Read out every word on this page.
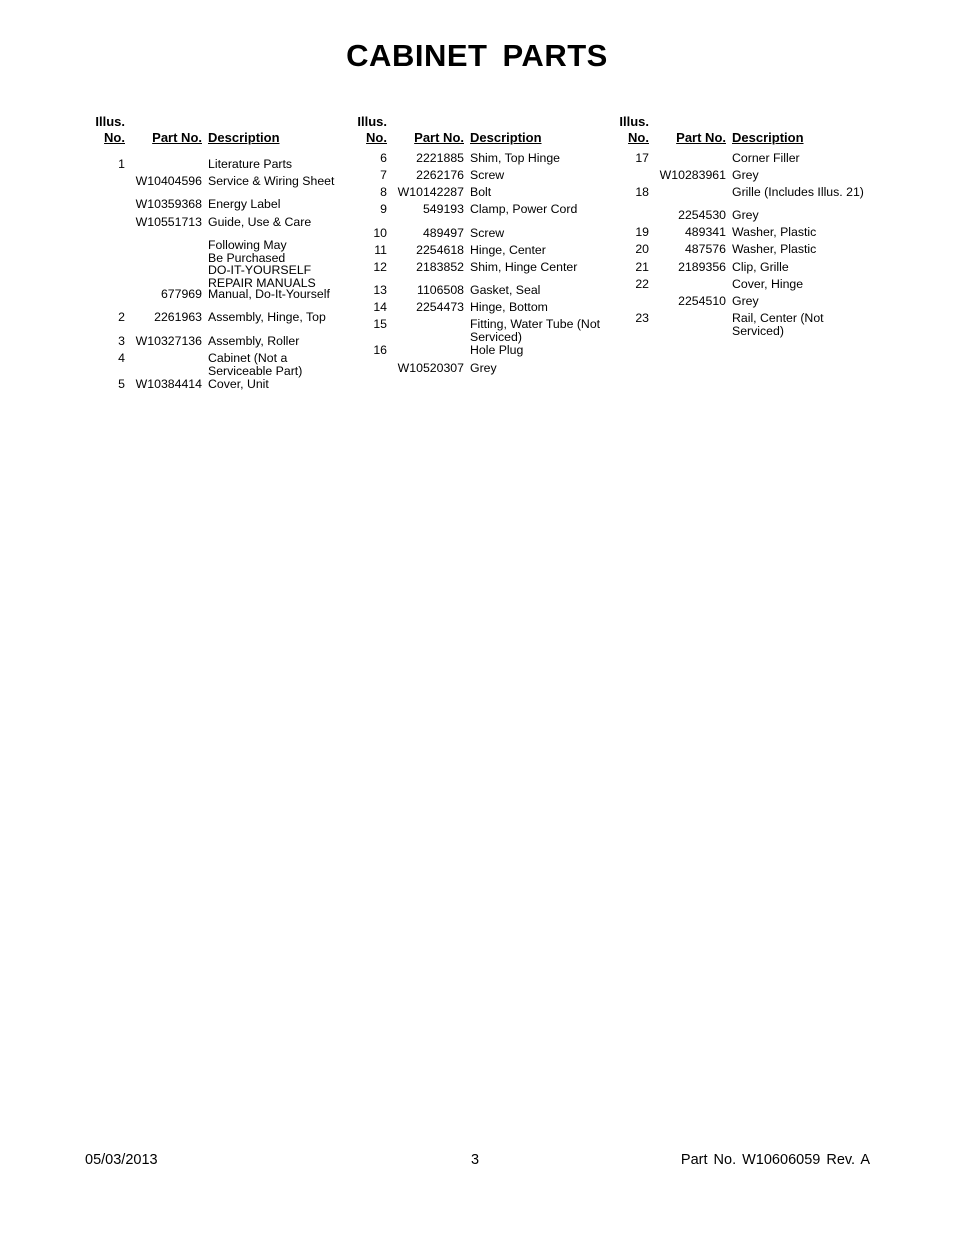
CABINET PARTS
Illus.
No. Part No. Description
1	Literature Parts
W10404596 Service & Wiring Sheet
W10359368 Energy Label
W10551713 Guide, Use & Care
Following May
Be Purchased
DO-IT-YOURSELF
REPAIR MANUALS
677969 Manual, Do-It-Yourself
2 2261963 Assembly, Hinge, Top
3 W10327136 Assembly, Roller
4	Cabinet (Not a
Serviceable Part)
5 W10384414 Cover, Unit
Illus.
No. Part No. Description
6 2221885 Shim, Top Hinge
7 2262176 Screw
8 W10142287 Bolt
9	549193 Clamp, Power Cord
10	489497 Screw
11 2254618 Hinge, Center
12 2183852 Shim, Hinge Center
13 1106508 Gasket, Seal
14 2254473 Hinge, Bottom
15	Fitting, Water Tube (Not
Serviced)
16	Hole Plug
W10520307 Grey
Illus.
No. Part No. Description
17	Corner Filler
W10283961 Grey
18	Grille (Includes Illus. 21)
2254530 Grey
19	489341 Washer, Plastic
20	487576 Washer, Plastic
21 2189356 Clip, Grille
22	Cover, Hinge
2254510 Grey
23	Rail, Center (Not
Serviced)
05/03/2013	3	Part No. W10606059 Rev. A
